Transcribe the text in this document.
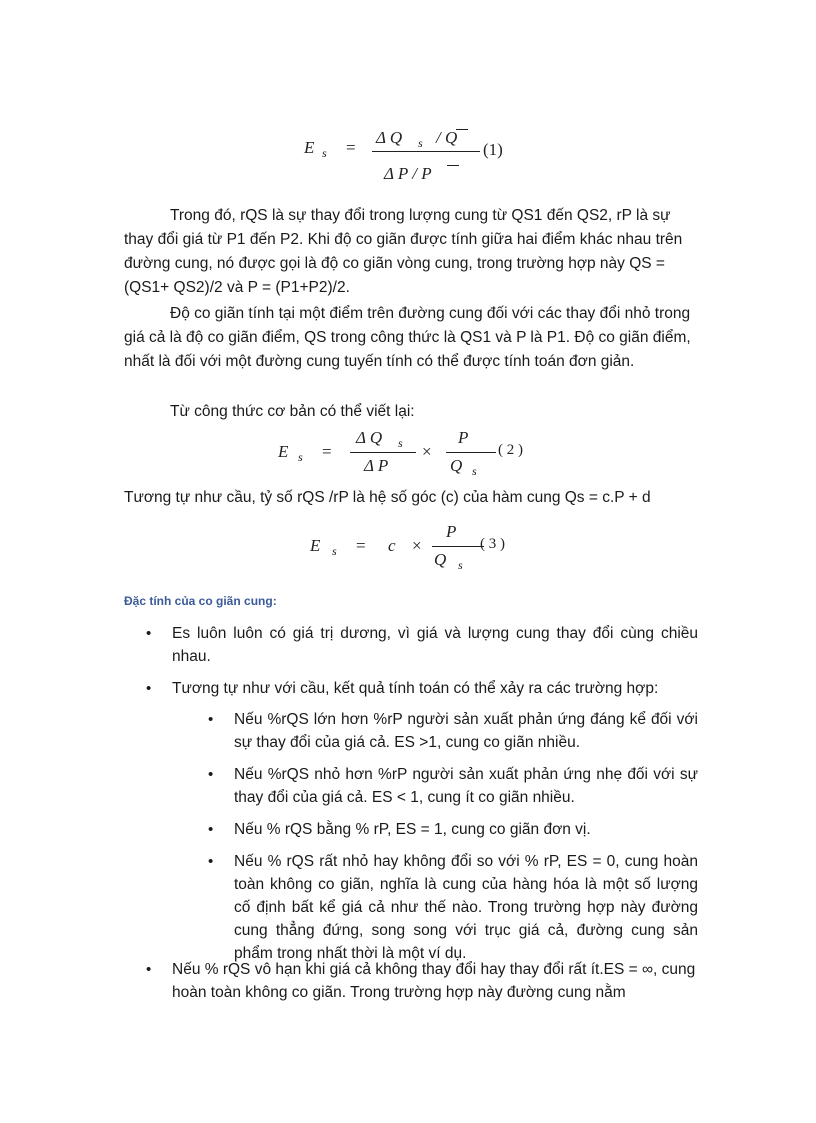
E s =
Δ Q s / Q
Δ P / P
(1)
Trong đó, rQS là sự thay đổi trong lượng cung từ QS1 đến QS2, rP là sự thay đổi giá từ P1 đến P2. Khi độ co giãn được tính giữa hai điểm khác nhau trên đường cung, nó được gọi là độ co giãn vòng cung, trong trường hợp này QS = (QS1+ QS2)/2 và P = (P1+P2)/2.
Độ co giãn tính tại một điểm trên đường cung đối với các thay đổi nhỏ trong giá cả là độ co giãn điểm, QS trong công thức là QS1 và P là P1. Độ co giãn điểm, nhất là đối với một đường cung tuyến tính có thể được tính toán đơn giản.
Từ công thức cơ bản có thể viết lại:
E s =
Δ Q s
Δ P
×
P
Q s
( 2 )
Tương tự như cầu, tỷ số rQS /rP là hệ số góc (c) của hàm cung Qs = c.P + d
E s = c ×
P
Q s
( 3 )
Đặc tính của co giãn cung:
• Es luôn luôn có giá trị dương, vì giá và lượng cung thay đổi cùng chiều nhau.
• Tương tự như với cầu, kết quả tính toán có thể xảy ra các trường hợp:
• Nếu %rQS lớn hơn %rP người sản xuất phản ứng đáng kể đối với sự thay đổi của giá cả. ES >1, cung co giãn nhiều.
• Nếu %rQS nhỏ hơn %rP người sản xuất phản ứng nhẹ đối với sự thay đổi của giá cả. ES < 1, cung ít co giãn nhiều.
• Nếu % rQS bằng % rP, ES = 1, cung co giãn đơn vị.
• Nếu % rQS rất nhỏ hay không đổi so với % rP, ES = 0, cung hoàn toàn không co giãn, nghĩa là cung của hàng hóa là một số lượng cố định bất kể giá cả như thế nào. Trong trường hợp này đường cung thẳng đứng, song song với trục giá cả, đường cung sản phẩm trong nhất thời là một ví dụ.
• Nếu % rQS vô hạn khi giá cả không thay đổi hay thay đổi rất ít.ES = ∞, cung hoàn toàn không co giãn. Trong trường hợp này đường cung nằm
